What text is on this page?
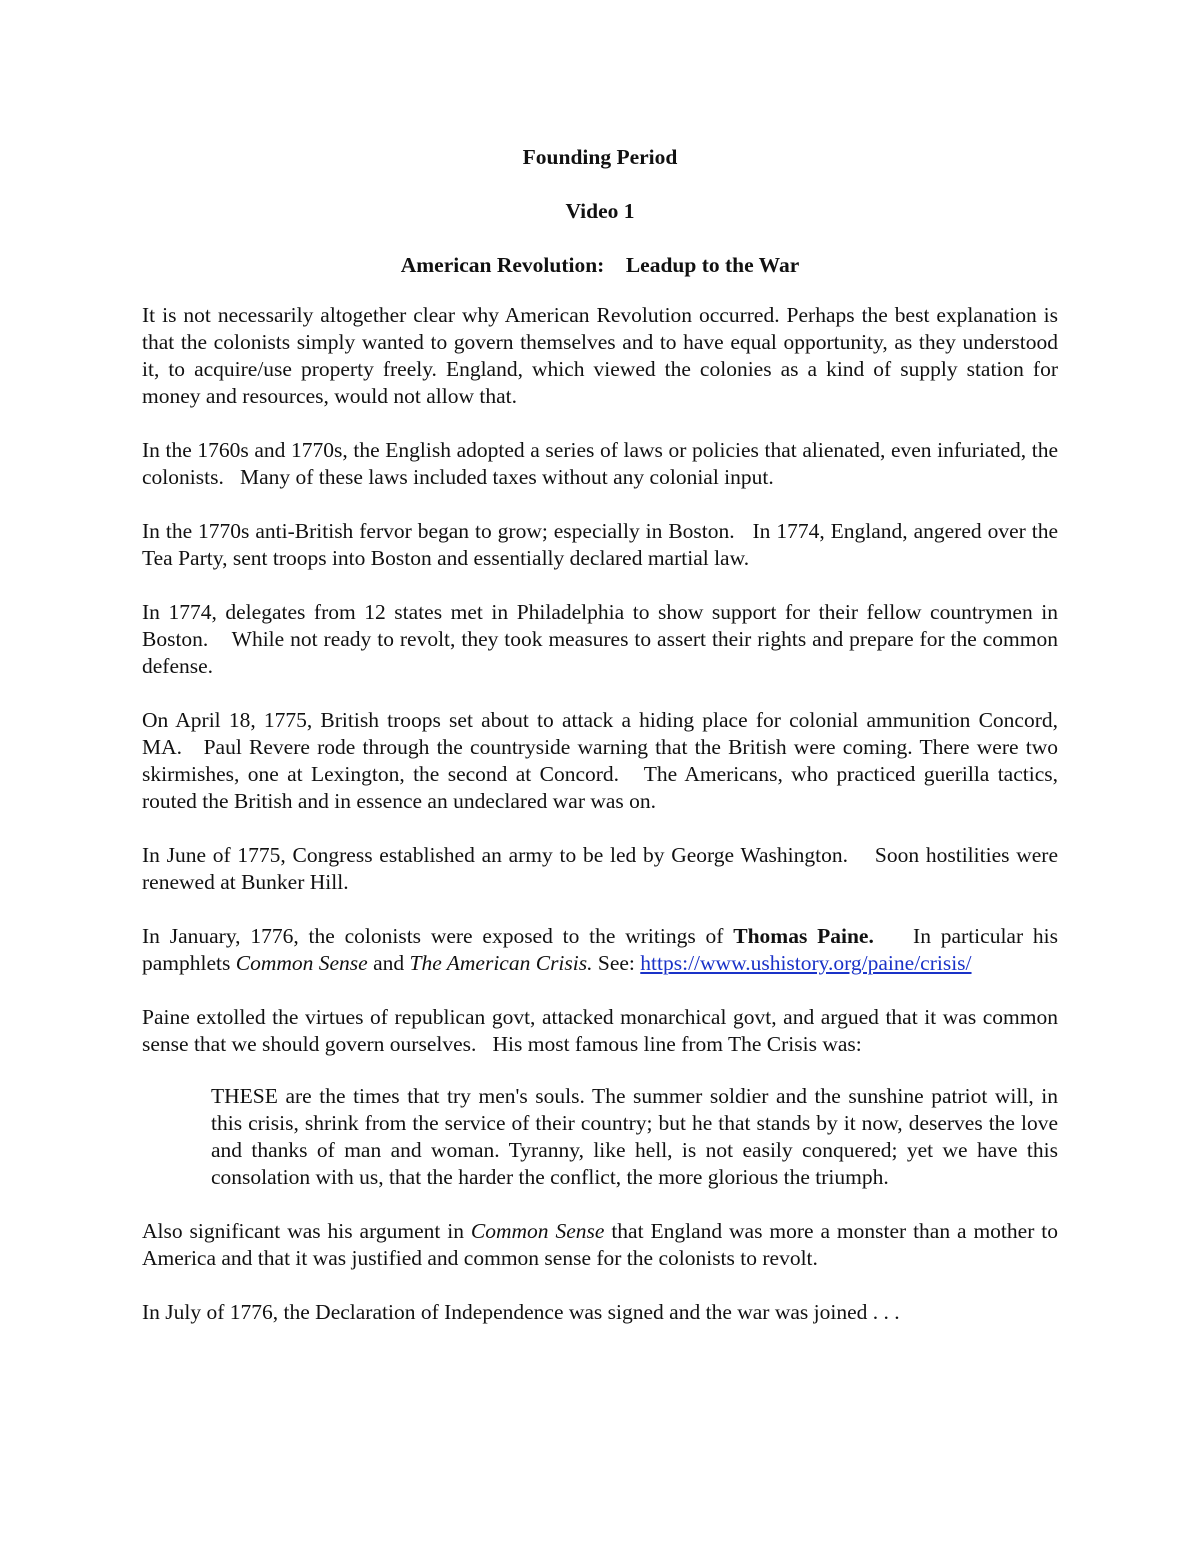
Founding Period
Video 1
American Revolution:    Leadup to the War

It is not necessarily altogether clear why American Revolution occurred. Perhaps the best explanation is that the colonists simply wanted to govern themselves and to have equal opportunity, as they understood it, to acquire/use property freely. England, which viewed the colonies as a kind of supply station for money and resources, would not allow that.

In the 1760s and 1770s, the English adopted a series of laws or policies that alienated, even infuriated, the colonists.   Many of these laws included taxes without any colonial input.

In the 1770s anti-British fervor began to grow; especially in Boston.   In 1774, England, angered over the Tea Party, sent troops into Boston and essentially declared martial law.

In 1774, delegates from 12 states met in Philadelphia to show support for their fellow countrymen in Boston.    While not ready to revolt, they took measures to assert their rights and prepare for the common defense.

On April 18, 1775, British troops set about to attack a hiding place for colonial ammunition Concord, MA.   Paul Revere rode through the countryside warning that the British were coming. There were two skirmishes, one at Lexington, the second at Concord.   The Americans, who practiced guerilla tactics, routed the British and in essence an undeclared war was on.

In June of 1775, Congress established an army to be led by George Washington.    Soon hostilities were renewed at Bunker Hill.

In January, 1776, the colonists were exposed to the writings of Thomas Paine.    In particular his pamphlets Common Sense and The American Crisis. See: https://www.ushistory.org/paine/crisis/

Paine extolled the virtues of republican govt, attacked monarchical govt, and argued that it was common sense that we should govern ourselves.   His most famous line from The Crisis was:

THESE are the times that try men's souls. The summer soldier and the sunshine patriot will, in this crisis, shrink from the service of their country; but he that stands by it now, deserves the love and thanks of man and woman. Tyranny, like hell, is not easily conquered; yet we have this consolation with us, that the harder the conflict, the more glorious the triumph.

Also significant was his argument in Common Sense that England was more a monster than a mother to America and that it was justified and common sense for the colonists to revolt.

In July of 1776, the Declaration of Independence was signed and the war was joined . . .
